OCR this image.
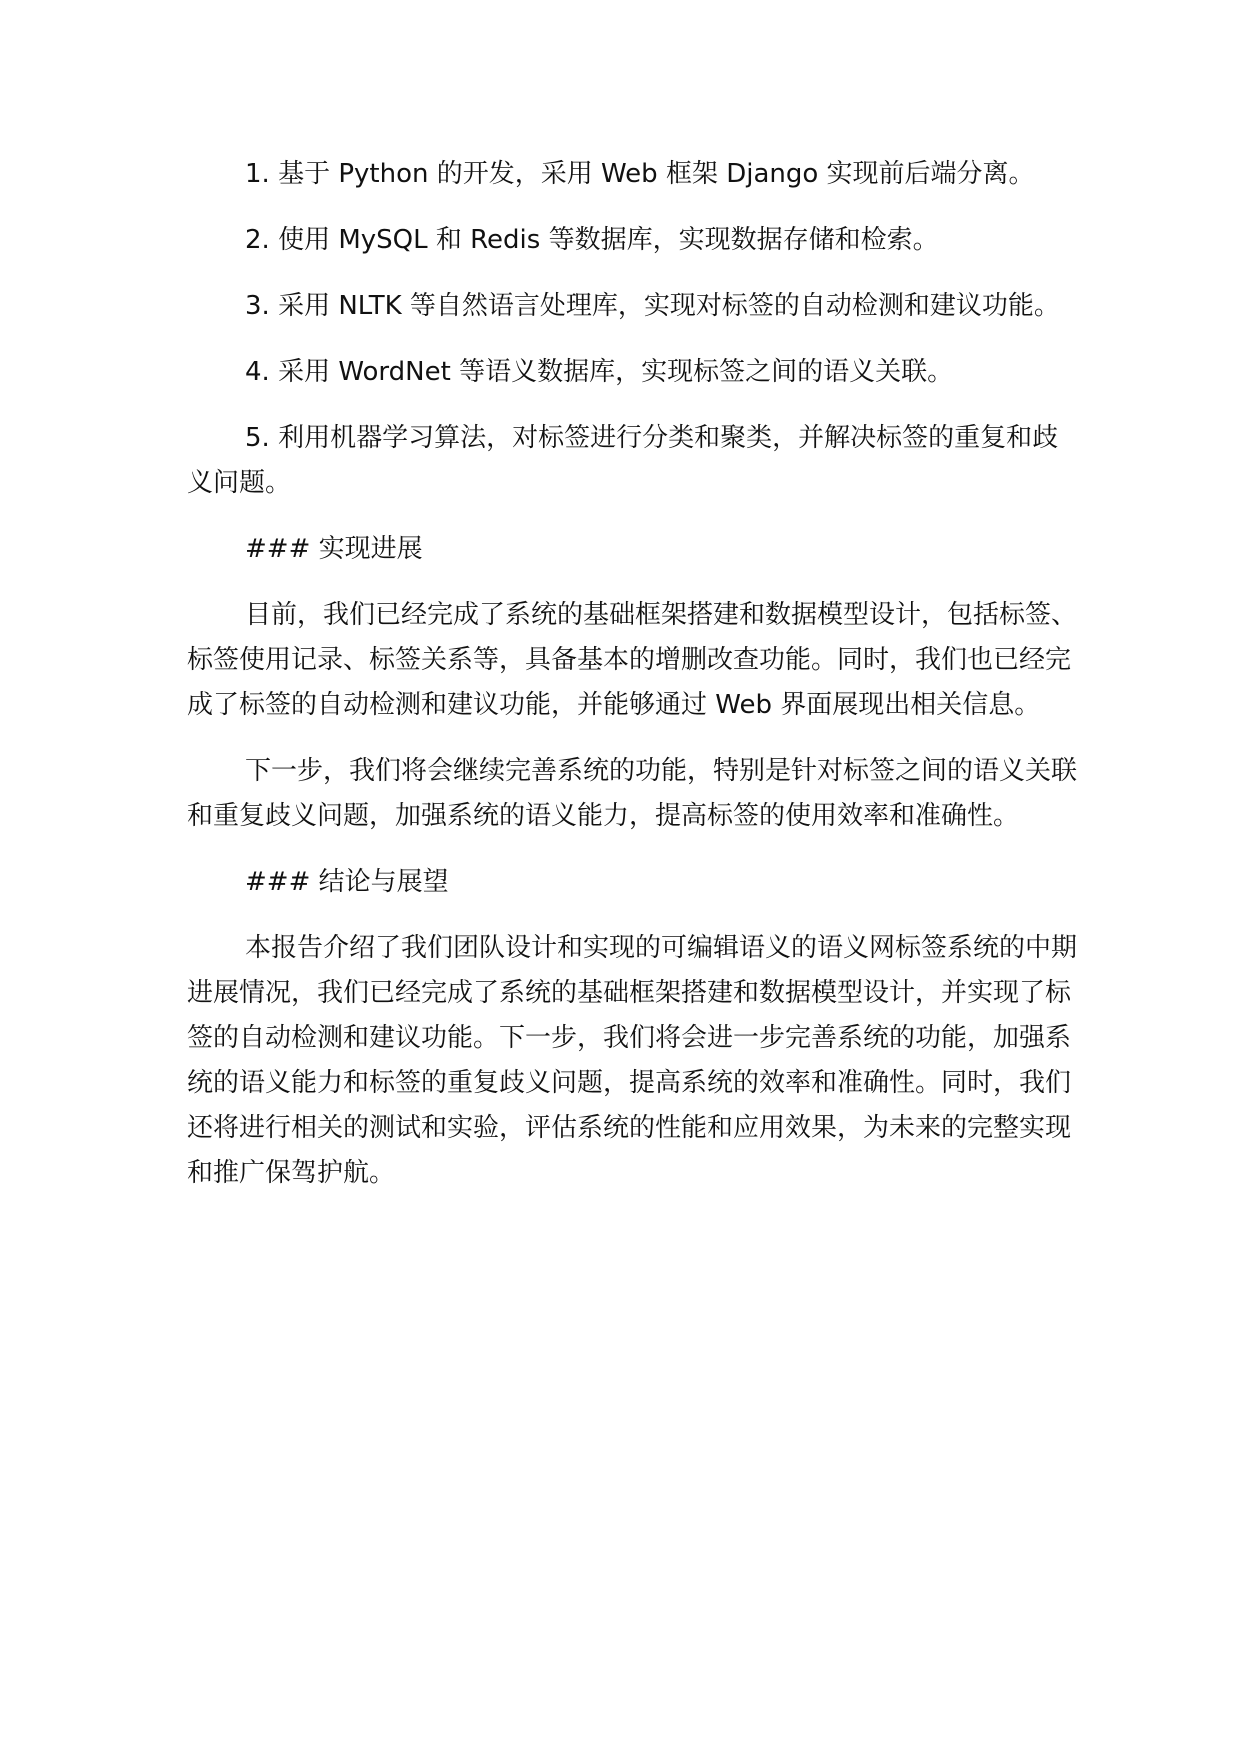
1. 基于 Python 的开发，采用 Web 框架 Django 实现前后端分离。

2. 使用 MySQL 和 Redis 等数据库，实现数据存储和检索。

3. 采用 NLTK 等自然语言处理库，实现对标签的自动检测和建议功能。

4. 采用 WordNet 等语义数据库，实现标签之间的语义关联。

5. 利用机器学习算法，对标签进行分类和聚类，并解决标签的重复和歧义问题。

### 实现进展

目前，我们已经完成了系统的基础框架搭建和数据模型设计，包括标签、标签使用记录、标签关系等，具备基本的增删改查功能。同时，我们也已经完成了标签的自动检测和建议功能，并能够通过 Web 界面展现出相关信息。

下一步，我们将会继续完善系统的功能，特别是针对标签之间的语义关联和重复歧义问题，加强系统的语义能力，提高标签的使用效率和准确性。

### 结论与展望

本报告介绍了我们团队设计和实现的可编辑语义的语义网标签系统的中期进展情况，我们已经完成了系统的基础框架搭建和数据模型设计，并实现了标签的自动检测和建议功能。下一步，我们将会进一步完善系统的功能，加强系统的语义能力和标签的重复歧义问题，提高系统的效率和准确性。同时，我们还将进行相关的测试和实验，评估系统的性能和应用效果，为未来的完整实现和推广保驾护航。
